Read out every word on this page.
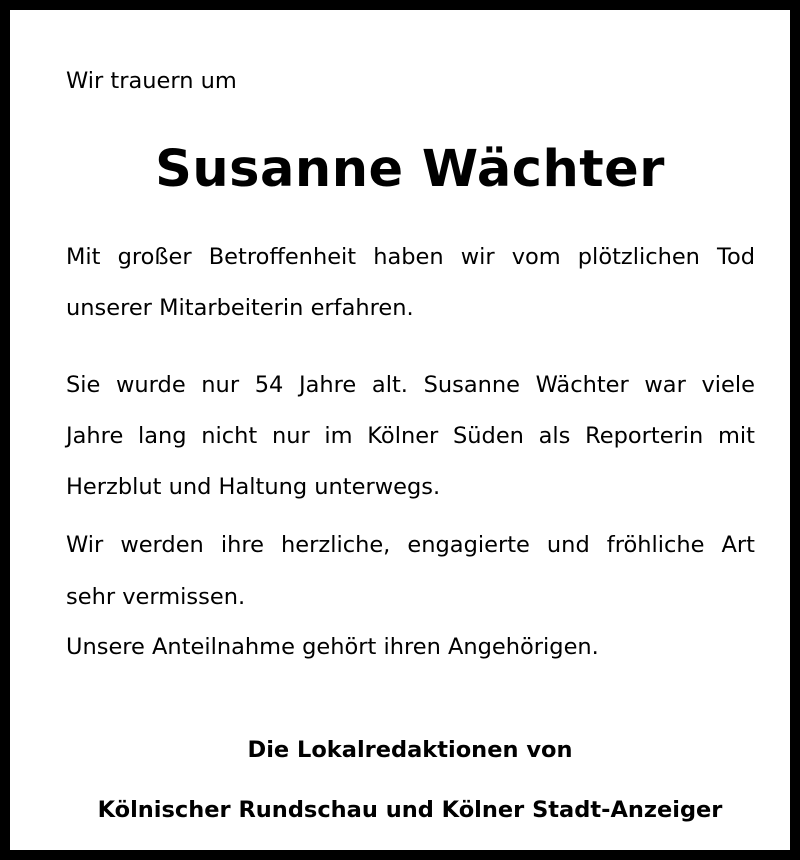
Wir trauern um
Susanne Wächter
Mit großer Betroffenheit haben wir vom plötzlichen Tod
unserer Mitarbeiterin erfahren.
Sie wurde nur 54 Jahre alt. Susanne Wächter war viele
Jahre lang nicht nur im Kölner Süden als Reporterin mit
Herzblut und Haltung unterwegs.
Wir werden ihre herzliche, engagierte und fröhliche Art
sehr vermissen.
Unsere Anteilnahme gehört ihren Angehörigen.
Die Lokalredaktionen von
Kölnischer Rundschau und Kölner Stadt-Anzeiger
